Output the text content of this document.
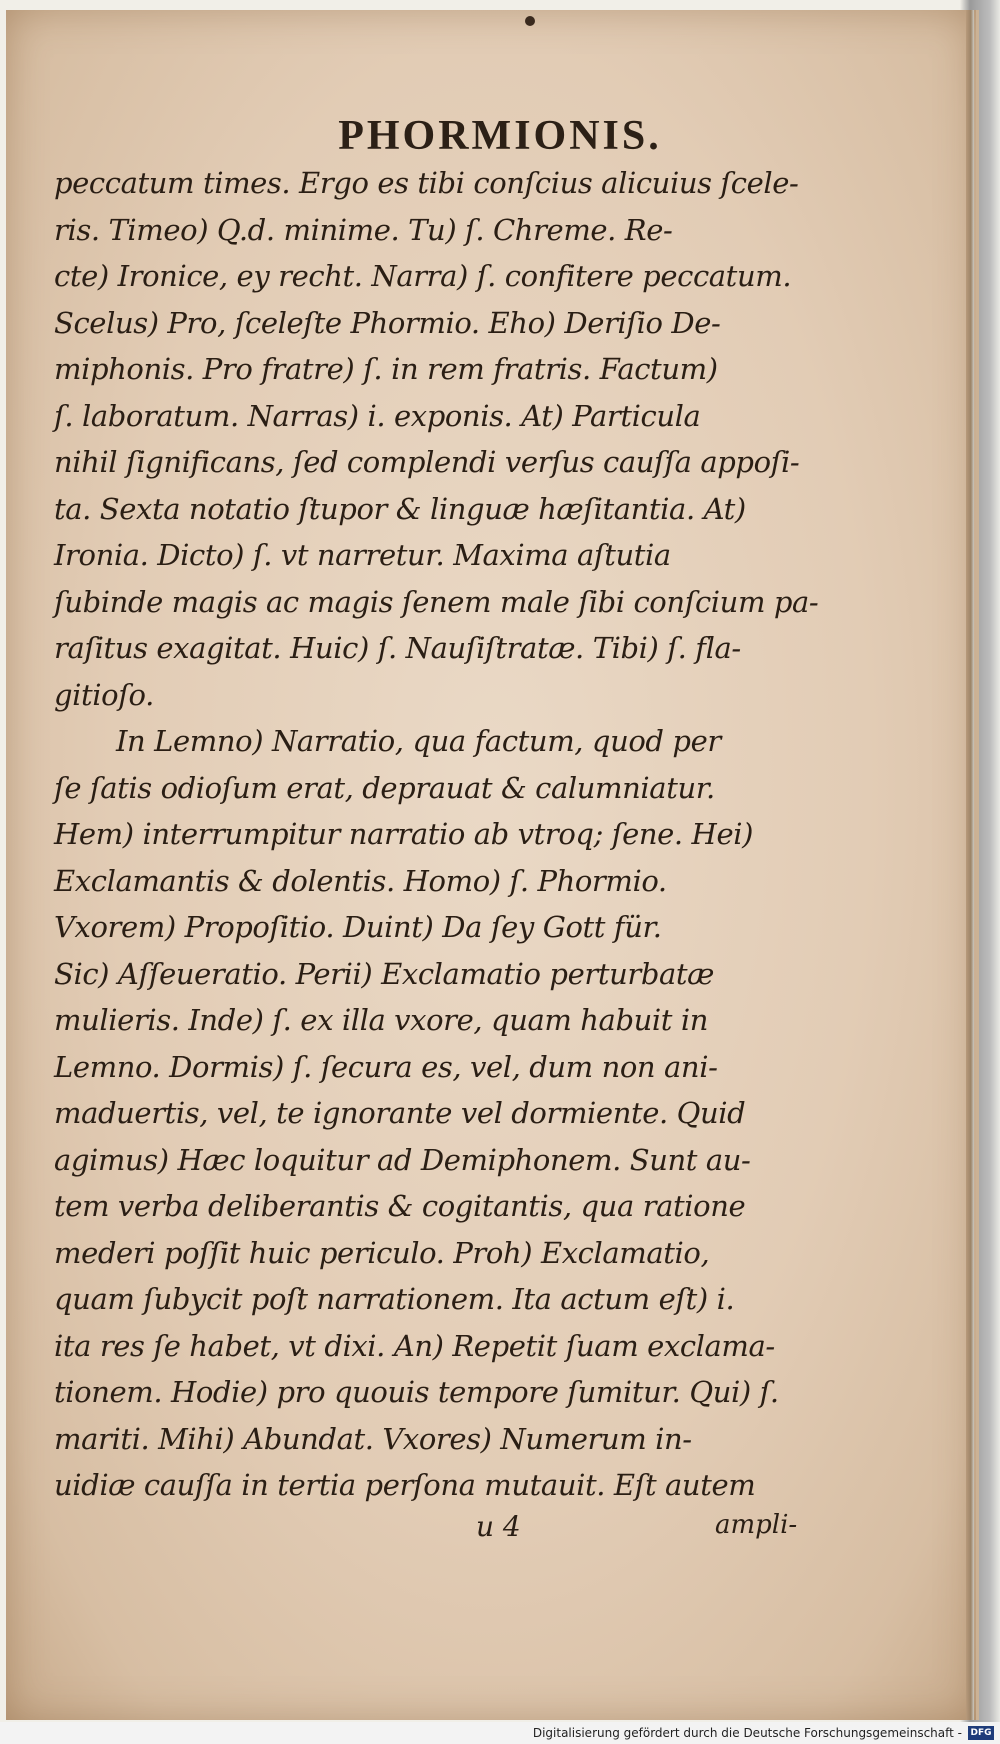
PHORMIONIS.
peccatum times. Ergo es tibi conſcius alicuius ſcele-
ris. Timeo) Q.d. minime. Tu) ſ. Chreme. Re-
cte) Ironice, ey recht. Narra) ſ. confitere peccatum.
Scelus) Pro, ſceleſte Phormio. Eho) Deriſio De-
miphonis. Pro fratre) ſ. in rem fratris. Factum)
ſ. laboratum. Narras) i. exponis. At) Particula
nihil ſignificans, ſed complendi verſus cauſſa appoſi-
ta. Sexta notatio ſtupor & linguæ hæſitantia. At)
Ironia. Dicto) ſ. vt narretur. Maxima aſtutia
ſubinde magis ac magis ſenem male ſibi conſcium pa-
raſitus exagitat. Huic) ſ. Nauſiſtratæ. Tibi) ſ. fla-
gitioſo.
In Lemno) Narratio, qua factum, quod per
ſe ſatis odioſum erat, deprauat & calumniatur.
Hem) interrumpitur narratio ab vtroq; ſene. Hei)
Exclamantis & dolentis. Homo) ſ. Phormio.
Vxorem) Propoſitio. Duint) Da ſey Gott für.
Sic) Aſſeueratio. Perii) Exclamatio perturbatæ
mulieris. Inde) ſ. ex illa vxore, quam habuit in
Lemno. Dormis) ſ. ſecura es, vel, dum non ani-
maduertis, vel, te ignorante vel dormiente. Quid
agimus) Hæc loquitur ad Demiphonem. Sunt au-
tem verba deliberantis & cogitantis, qua ratione
mederi poſſit huic periculo. Proh) Exclamatio,
quam ſubycit poſt narrationem. Ita actum eſt) i.
ita res ſe habet, vt dixi. An) Repetit ſuam exclama-
tionem. Hodie) pro quouis tempore ſumitur. Qui) ſ.
mariti. Mihi) Abundat. Vxores) Numerum in-
uidiæ cauſſa in tertia perſona mutauit. Eſt autem
u 4	ampli-
Digitalisierung gefördert durch die Deutsche Forschungsgemeinschaft - DFG
